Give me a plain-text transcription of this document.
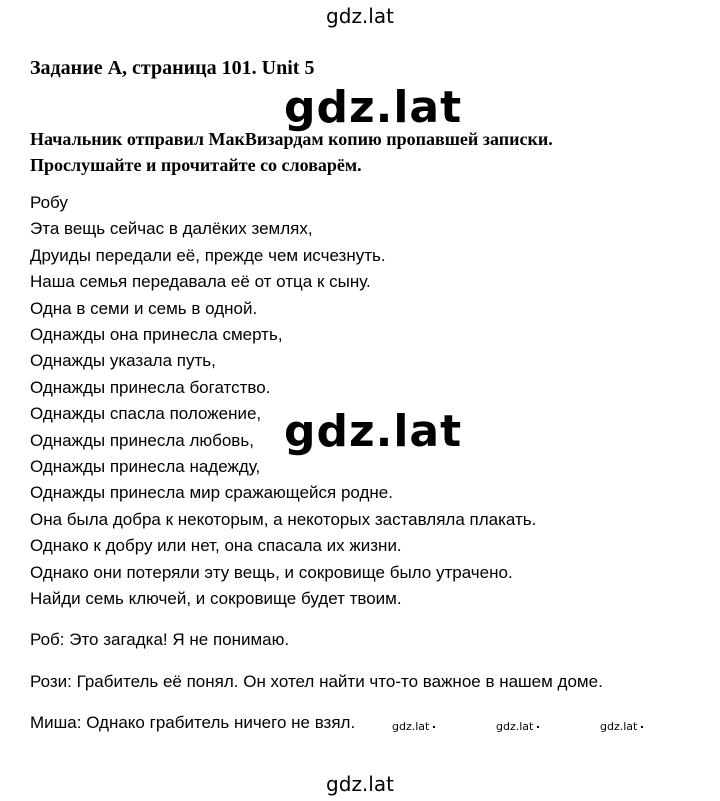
gdz.lat
Задание А, страница 101. Unit 5
Начальник отправил МакВизардам копию пропавшей записки.
Прослушайте и прочитайте со словарём.
Робу
Эта вещь сейчас в далёких землях,
Друиды передали её, прежде чем исчезнуть.
Наша семья передавала её от отца к сыну.
Одна в семи и семь в одной.
Однажды она принесла смерть,
Однажды указала путь,
Однажды принесла богатство.
Однажды спасла положение,
Однажды принесла любовь,
Однажды принесла надежду,
Однажды принесла мир сражающейся родне.
Она была добра к некоторым, а некоторых заставляла плакать.
Однако к добру или нет, она спасала их жизни.
Однако они потеряли эту вещь, и сокровище было утрачено.
Найди семь ключей, и сокровище будет твоим.
Роб: Это загадка! Я не понимаю.
Рози: Грабитель её понял. Он хотел найти что-то важное в нашем доме.
Миша: Однако грабитель ничего не взял.
gdz.lat
gdz.lat
gdz.lat	gdz.lat	gdz.lat
gdz.lat
